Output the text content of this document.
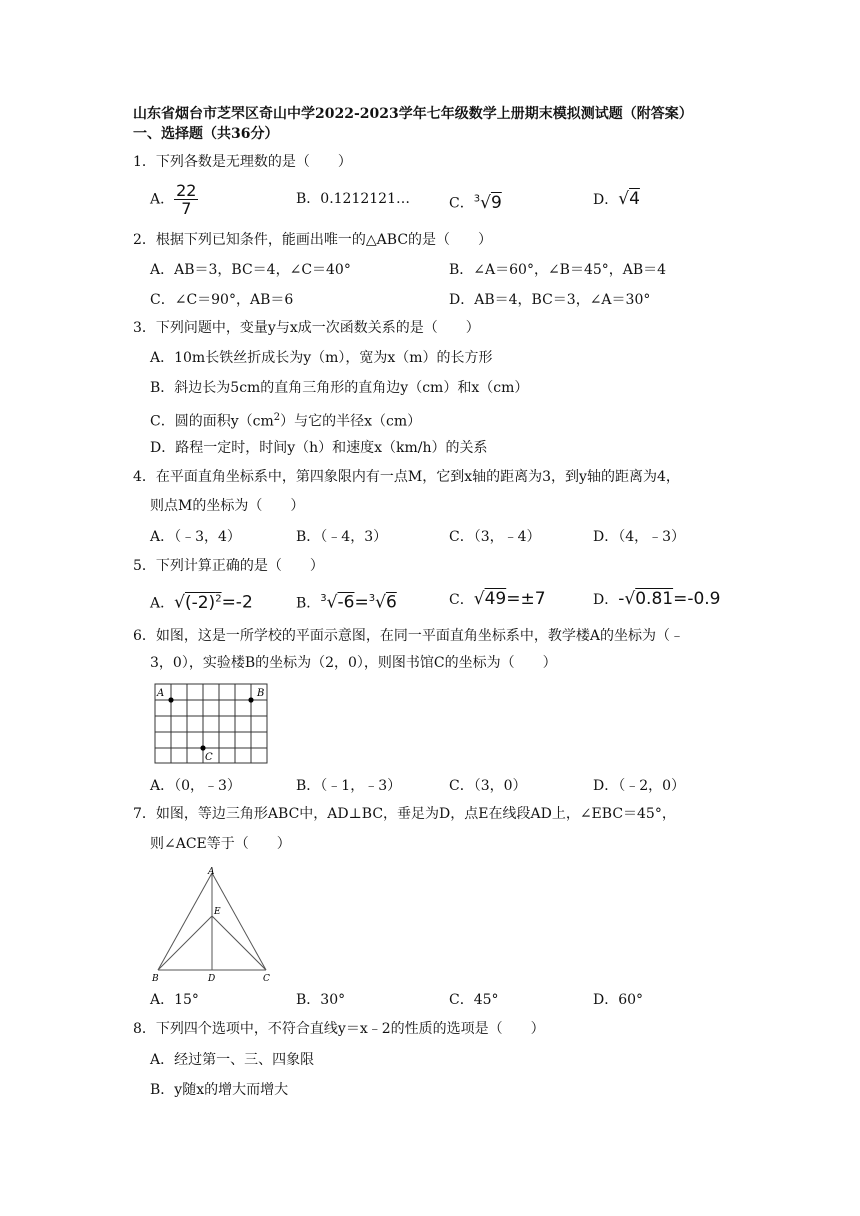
山东省烟台市芝罘区奇山中学2022-2023学年七年级数学上册期末模拟测试题（附答案）
一、选择题（共36分）
1．下列各数是无理数的是（　　）
A． $\frac{22}{7}$	B．0.1212121…	C．$^3$√9	D．√4
2．根据下列已知条件，能画出唯一的△ABC的是（　　）
A．AB＝3，BC＝4，∠C＝40°	B．∠A＝60°，∠B＝45°，AB＝4
C．∠C＝90°，AB＝6	D．AB＝4，BC＝3，∠A＝30°
3．下列问题中，变量y与x成一次函数关系的是（　　）
A．10m长铁丝折成长为y（m），宽为x（m）的长方形
B．斜边长为5cm的直角三角形的直角边y（cm）和x（cm）
C．圆的面积$y(cm^2)$与它的半径x（cm）
D．路程一定时，时间y（h）和速度x（km/h）的关系
4．在平面直角坐标系中，第四象限内有一点M，它到x轴的距离为3，到y轴的距离为4，
则点M的坐标为（　　）
A．（﹣3，4）	B．（﹣4，3）	C．（3，﹣4）	D．（4，﹣3）
5．下列计算正确的是（　　）
A．$√(-2)^2=-2$	B．$^3$√-6=$^3$√6	C．√49=±7	D．-√0.81=-0.9
6．如图，这是一所学校的平面示意图，在同一平面直角坐标系中，教学楼A的坐标为（﹣
3，0），实验楼B的坐标为（2，0），则图书馆C的坐标为（　　）
A	B
C
A．（0，﹣3）	B．（﹣1，﹣3）	C．（3，0）	D．（﹣2，0）
7．如图，等边三角形ABC中，AD⊥BC，垂足为D，点E在线段AD上，∠EBC＝45°，
则∠ACE等于（　　）
A
E
B	D	C
A．15°	B．30°	C．45°	D．60°
8．下列四个选项中，不符合直线y＝x﹣2的性质的选项是（　　）
A．经过第一、三、四象限
B．y随x的增大而增大
